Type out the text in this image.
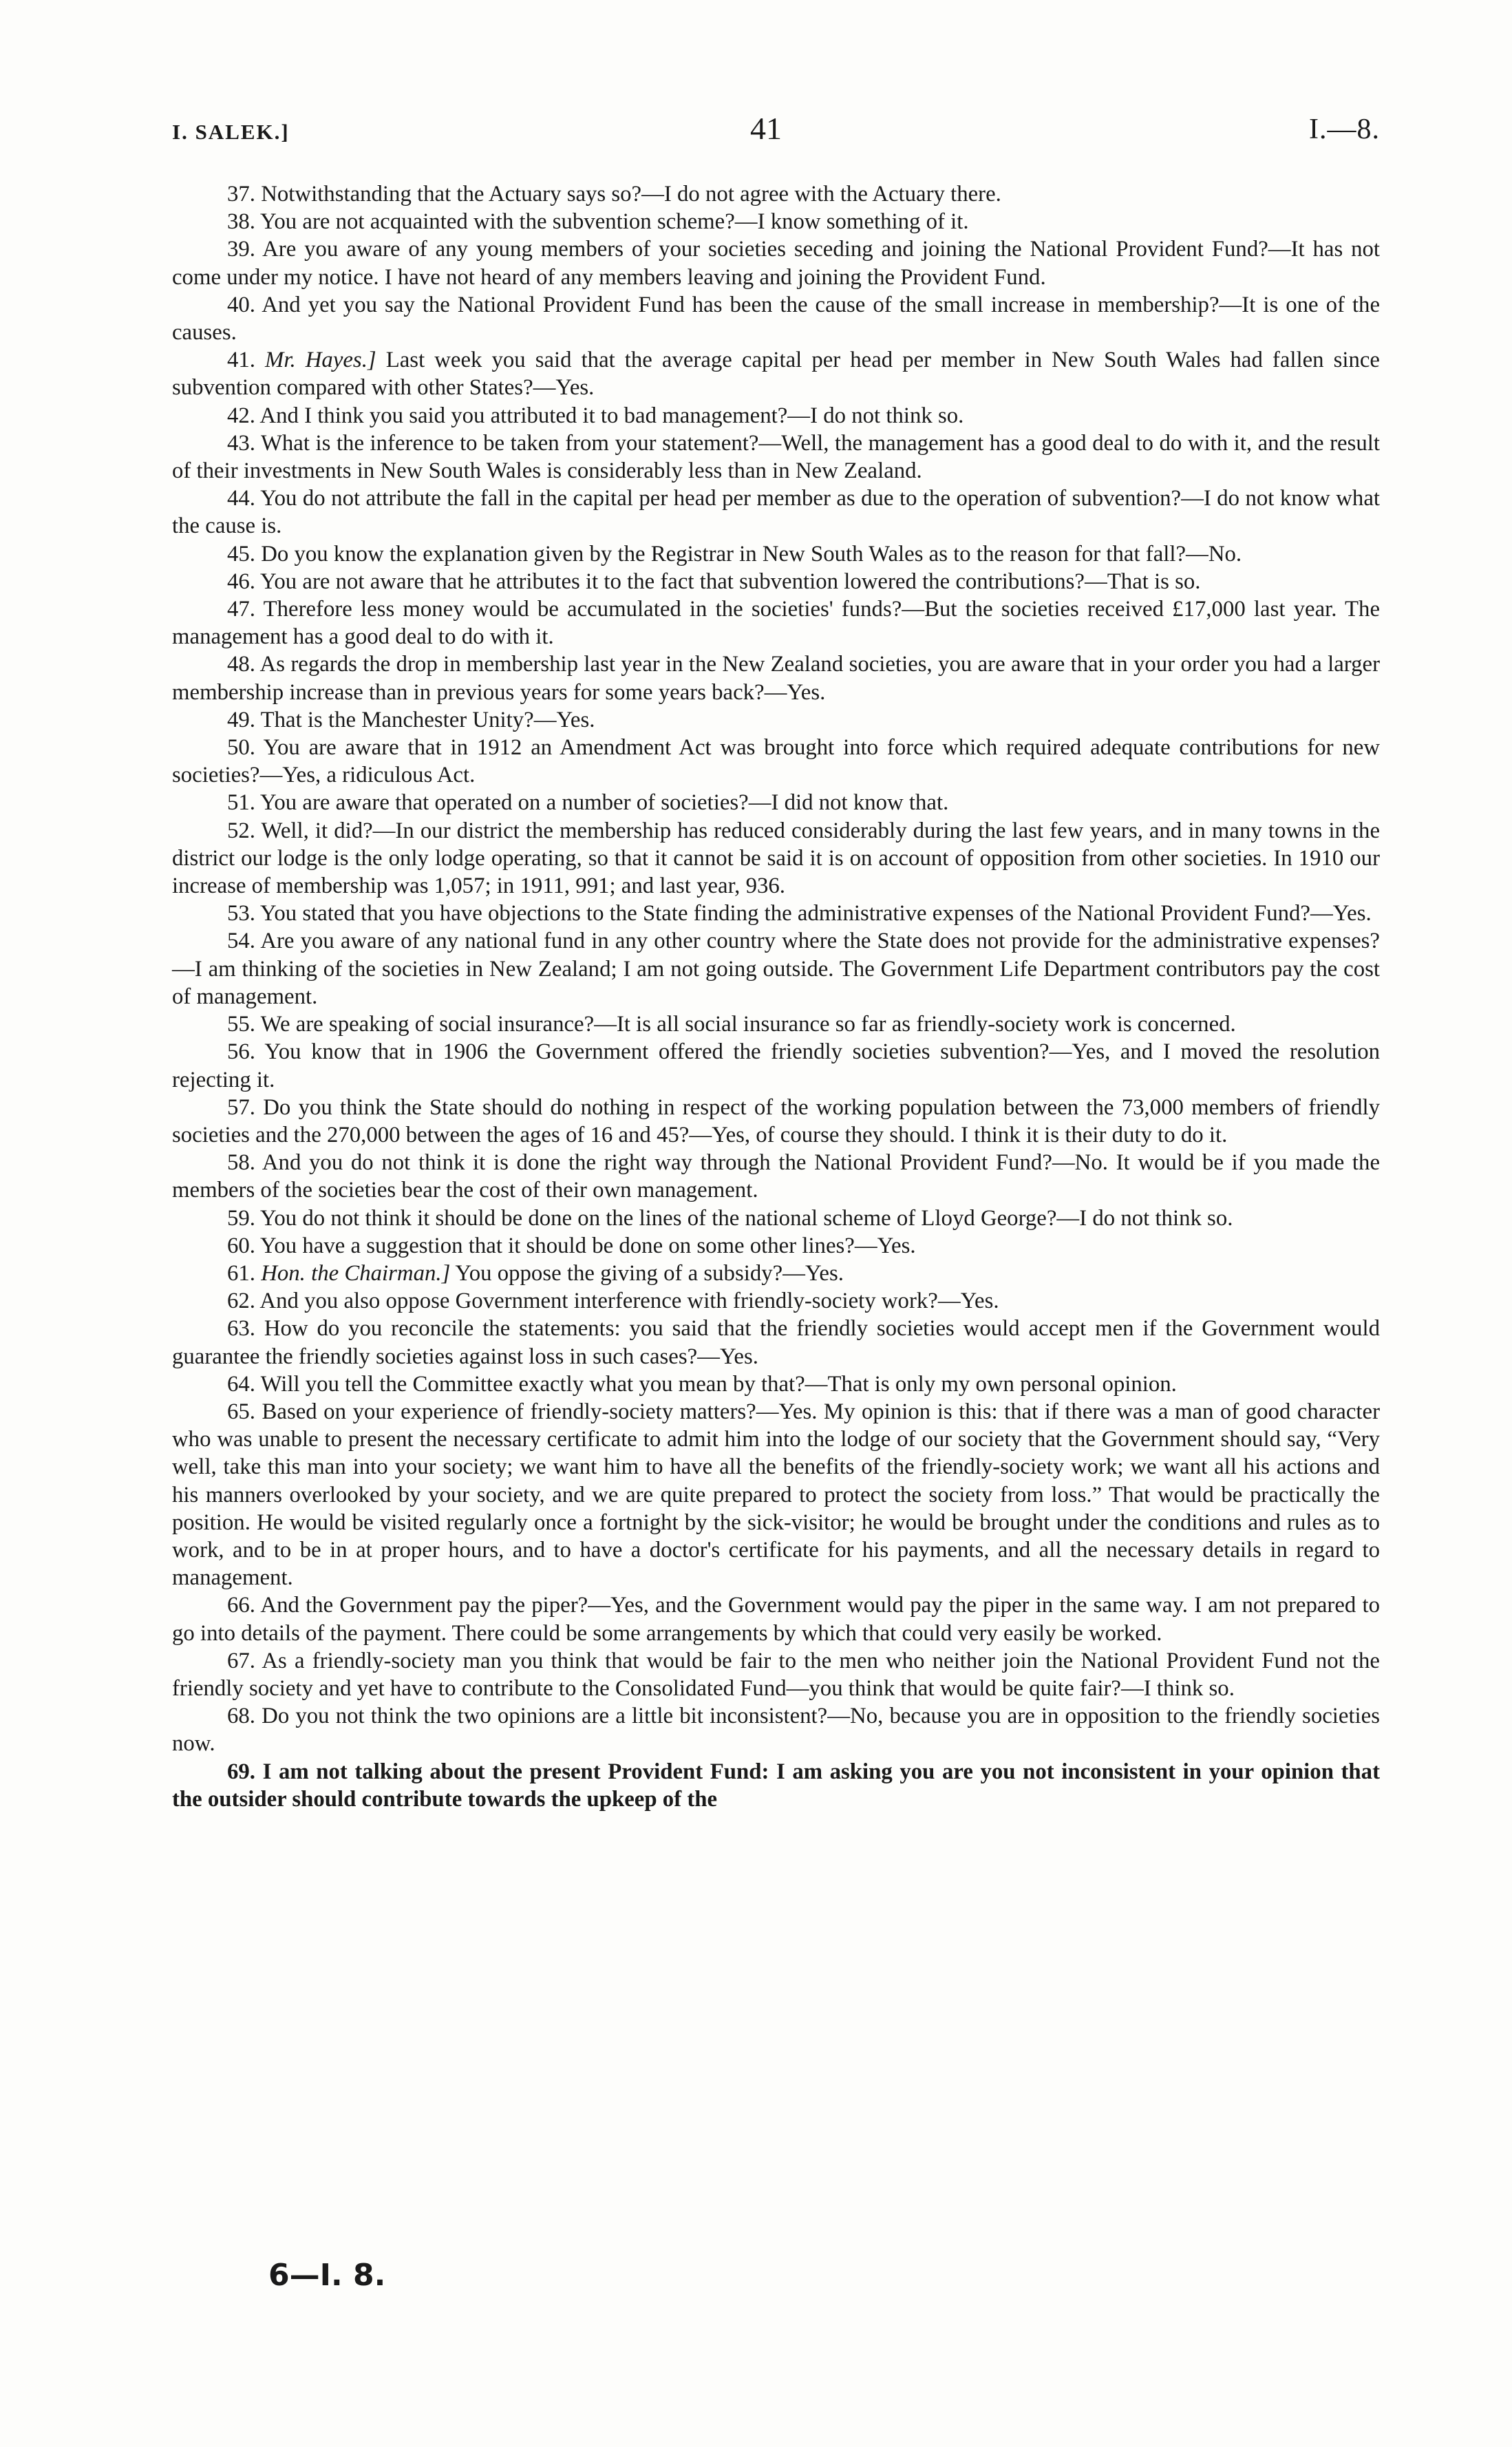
I. SALEK.]	41	I.—8.

37. Notwithstanding that the Actuary says so?—I do not agree with the Actuary there.

38. You are not acquainted with the subvention scheme?—I know something of it.

39. Are you aware of any young members of your societies seceding and joining the National Provident Fund?—It has not come under my notice. I have not heard of any members leaving and joining the Provident Fund.

40. And yet you say the National Provident Fund has been the cause of the small increase in membership?—It is one of the causes.

41. Mr. Hayes.] Last week you said that the average capital per head per member in New South Wales had fallen since subvention compared with other States?—Yes.

42. And I think you said you attributed it to bad management?—I do not think so.

43. What is the inference to be taken from your statement?—Well, the management has a good deal to do with it, and the result of their investments in New South Wales is considerably less than in New Zealand.

44. You do not attribute the fall in the capital per head per member as due to the operation of subvention?—I do not know what the cause is.

45. Do you know the explanation given by the Registrar in New South Wales as to the reason for that fall?—No.

46. You are not aware that he attributes it to the fact that subvention lowered the contributions?—That is so.

47. Therefore less money would be accumulated in the societies' funds?—But the societies received £17,000 last year. The management has a good deal to do with it.

48. As regards the drop in membership last year in the New Zealand societies, you are aware that in your order you had a larger membership increase than in previous years for some years back?—Yes.

49. That is the Manchester Unity?—Yes.

50. You are aware that in 1912 an Amendment Act was brought into force which required adequate contributions for new societies?—Yes, a ridiculous Act.

51. You are aware that operated on a number of societies?—I did not know that.

52. Well, it did?—In our district the membership has reduced considerably during the last few years, and in many towns in the district our lodge is the only lodge operating, so that it cannot be said it is on account of opposition from other societies. In 1910 our increase of membership was 1,057; in 1911, 991; and last year, 936.

53. You stated that you have objections to the State finding the administrative expenses of the National Provident Fund?—Yes.

54. Are you aware of any national fund in any other country where the State does not provide for the administrative expenses?—I am thinking of the societies in New Zealand; I am not going outside. The Government Life Department contributors pay the cost of management.

55. We are speaking of social insurance?—It is all social insurance so far as friendly-society work is concerned.

56. You know that in 1906 the Government offered the friendly societies subvention?—Yes, and I moved the resolution rejecting it.

57. Do you think the State should do nothing in respect of the working population between the 73,000 members of friendly societies and the 270,000 between the ages of 16 and 45?—Yes, of course they should. I think it is their duty to do it.

58. And you do not think it is done the right way through the National Provident Fund?—No. It would be if you made the members of the societies bear the cost of their own management.

59. You do not think it should be done on the lines of the national scheme of Lloyd George?—I do not think so.

60. You have a suggestion that it should be done on some other lines?—Yes.

61. Hon. the Chairman.] You oppose the giving of a subsidy?—Yes.

62. And you also oppose Government interference with friendly-society work?—Yes.

63. How do you reconcile the statements: you said that the friendly societies would accept men if the Government would guarantee the friendly societies against loss in such cases?—Yes.

64. Will you tell the Committee exactly what you mean by that?—That is only my own personal opinion.

65. Based on your experience of friendly-society matters?—Yes. My opinion is this: that if there was a man of good character who was unable to present the necessary certificate to admit him into the lodge of our society that the Government should say, “Very well, take this man into your society; we want him to have all the benefits of the friendly-society work; we want all his actions and his manners overlooked by your society, and we are quite prepared to protect the society from loss.” That would be practically the position. He would be visited regularly once a fortnight by the sick-visitor; he would be brought under the conditions and rules as to work, and to be in at proper hours, and to have a doctor's certificate for his payments, and all the necessary details in regard to management.

66. And the Government pay the piper?—Yes, and the Government would pay the piper in the same way. I am not prepared to go into details of the payment. There could be some arrangements by which that could very easily be worked.

67. As a friendly-society man you think that would be fair to the men who neither join the National Provident Fund not the friendly society and yet have to contribute to the Consolidated Fund—you think that would be quite fair?—I think so.

68. Do you not think the two opinions are a little bit inconsistent?—No, because you are in opposition to the friendly societies now.

69. I am not talking about the present Provident Fund: I am asking you are you not inconsistent in your opinion that the outsider should contribute towards the upkeep of the

6—I. 8.
